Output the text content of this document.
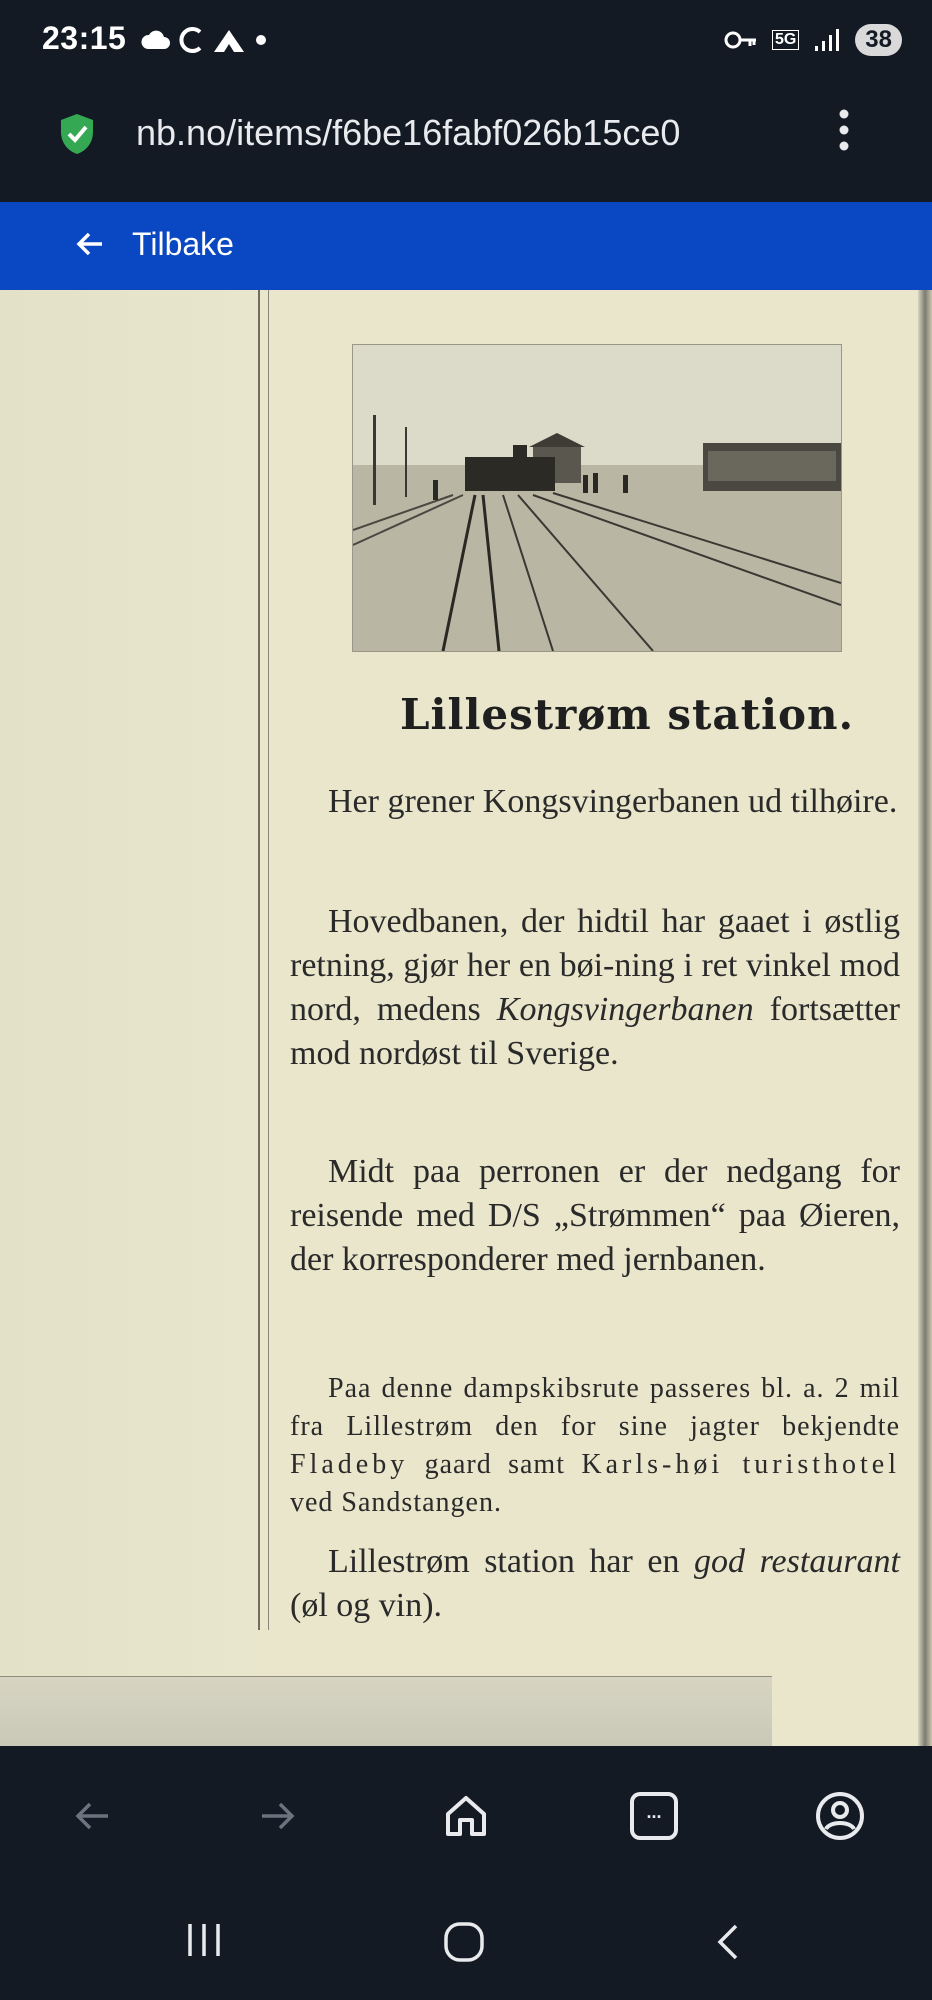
23:15	5G	38
nb.no/items/f6be16fabf026b15ce0
Tilbake
Lillestrøm station.
Her grener Kongsvingerbanen ud tilhøire.
Hovedbanen, der hidtil har gaaet i østlig retning, gjør her en bøi-ning i ret vinkel mod nord, medens Kongsvingerbanen fortsætter mod nordøst til Sverige.
Midt paa perronen er der nedgang for reisende med D/S „Strømmen“ paa Øieren, der korresponderer med jernbanen.
Paa denne dampskibsrute passeres bl. a. 2 mil fra Lillestrøm den for sine jagter bekjendte Fladeby gaard samt Karls-høi turisthotel ved Sandstangen.
Lillestrøm station har en god restaurant (øl og vin).
...
